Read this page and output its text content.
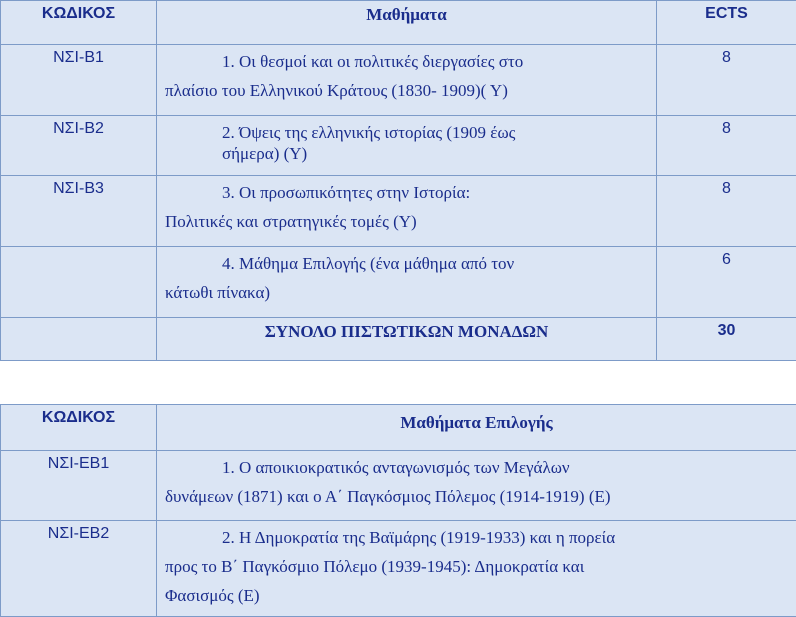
ΚΩΔΙΚΟΣ	Μαθήματα	ECTS
ΝΣΙ-Β1	1. Οι θεσμοί και οι πολιτικές διεργασίες στο
πλαίσιο του Ελληνικού Κράτους (1830- 1909)( Υ)	8
ΝΣΙ-Β2	2. Όψεις της ελληνικής ιστορίας (1909 έως
σήμερα) (Υ)	8
ΝΣΙ-Β3	3. Οι προσωπικότητες στην Ιστορία:
Πολιτικές και στρατηγικές τομές (Υ)	8

	4. Μάθημα Επιλογής (ένα μάθημα από τον
κάτωθι πίνακα)	6
	ΣΥΝΟΛΟ ΠΙΣΤΩΤΙΚΩΝ ΜΟΝΑΔΩΝ	30
ΚΩΔΙΚΟΣ	Μαθήματα Επιλογής
ΝΣΙ-ΕΒ1	1. Ο αποικιοκρατικός ανταγωνισμός των Μεγάλων
δυνάμεων (1871) και ο Α΄ Παγκόσμιος Πόλεμος (1914-1919) (Ε)

ΝΣΙ-ΕΒ2	2. Η Δημοκρατία της Βαϊμάρης (1919-1933) και η πορεία
προς το Β΄ Παγκόσμιο Πόλεμο (1939-1945): Δημοκρατία και
Φασισμός (Ε)
